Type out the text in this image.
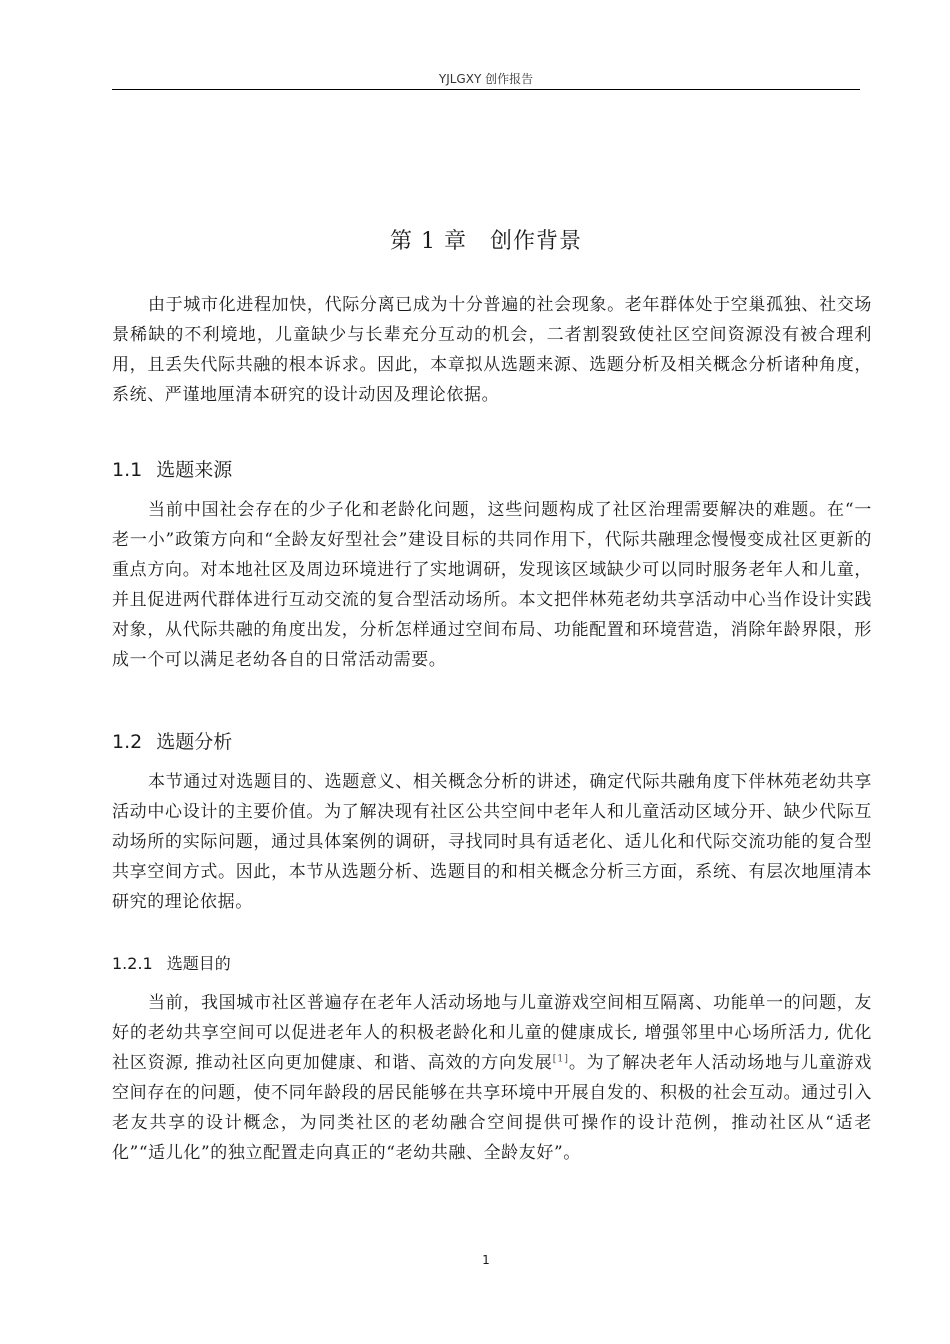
YJLGXY 创作报告
第 1 章　创作背景

由于城市化进程加快，代际分离已成为十分普遍的社会现象。老年群体处于空巢孤独、社交场景稀缺的不利境地，儿童缺少与长辈充分互动的机会，二者割裂致使社区空间资源没有被合理利用，且丢失代际共融的根本诉求。因此，本章拟从选题来源、选题分析及相关概念分析诸种角度，系统、严谨地厘清本研究的设计动因及理论依据。

1.1 选题来源

当前中国社会存在的少子化和老龄化问题，这些问题构成了社区治理需要解决的难题。在“一老一小”政策方向和“全龄友好型社会”建设目标的共同作用下，代际共融理念慢慢变成社区更新的重点方向。对本地社区及周边环境进行了实地调研，发现该区域缺少可以同时服务老年人和儿童，并且促进两代群体进行互动交流的复合型活动场所。本文把伴林苑老幼共享活动中心当作设计实践对象，从代际共融的角度出发，分析怎样通过空间布局、功能配置和环境营造，消除年龄界限，形成一个可以满足老幼各自的日常活动需要。

1.2 选题分析

本节通过对选题目的、选题意义、相关概念分析的讲述，确定代际共融角度下伴林苑老幼共享活动中心设计的主要价值。为了解决现有社区公共空间中老年人和儿童活动区域分开、缺少代际互动场所的实际问题，通过具体案例的调研，寻找同时具有适老化、适儿化和代际交流功能的复合型共享空间方式。因此，本节从选题分析、选题目的和相关概念分析三方面，系统、有层次地厘清本研究的理论依据。

1.2.1 选题目的

当前，我国城市社区普遍存在老年人活动场地与儿童游戏空间相互隔离、功能单一的问题，友好的老幼共享空间可以促进老年人的积极老龄化和儿童的健康成长, 增强邻里中心场所活力, 优化社区资源, 推动社区向更加健康、和谐、高效的方向发展[1]。为了解决老年人活动场地与儿童游戏空间存在的问题，使不同年龄段的居民能够在共享环境中开展自发的、积极的社会互动。通过引入老友共享的设计概念，为同类社区的老幼融合空间提供可操作的设计范例，推动社区从“适老化”“适儿化”的独立配置走向真正的“老幼共融、全龄友好”。

1
